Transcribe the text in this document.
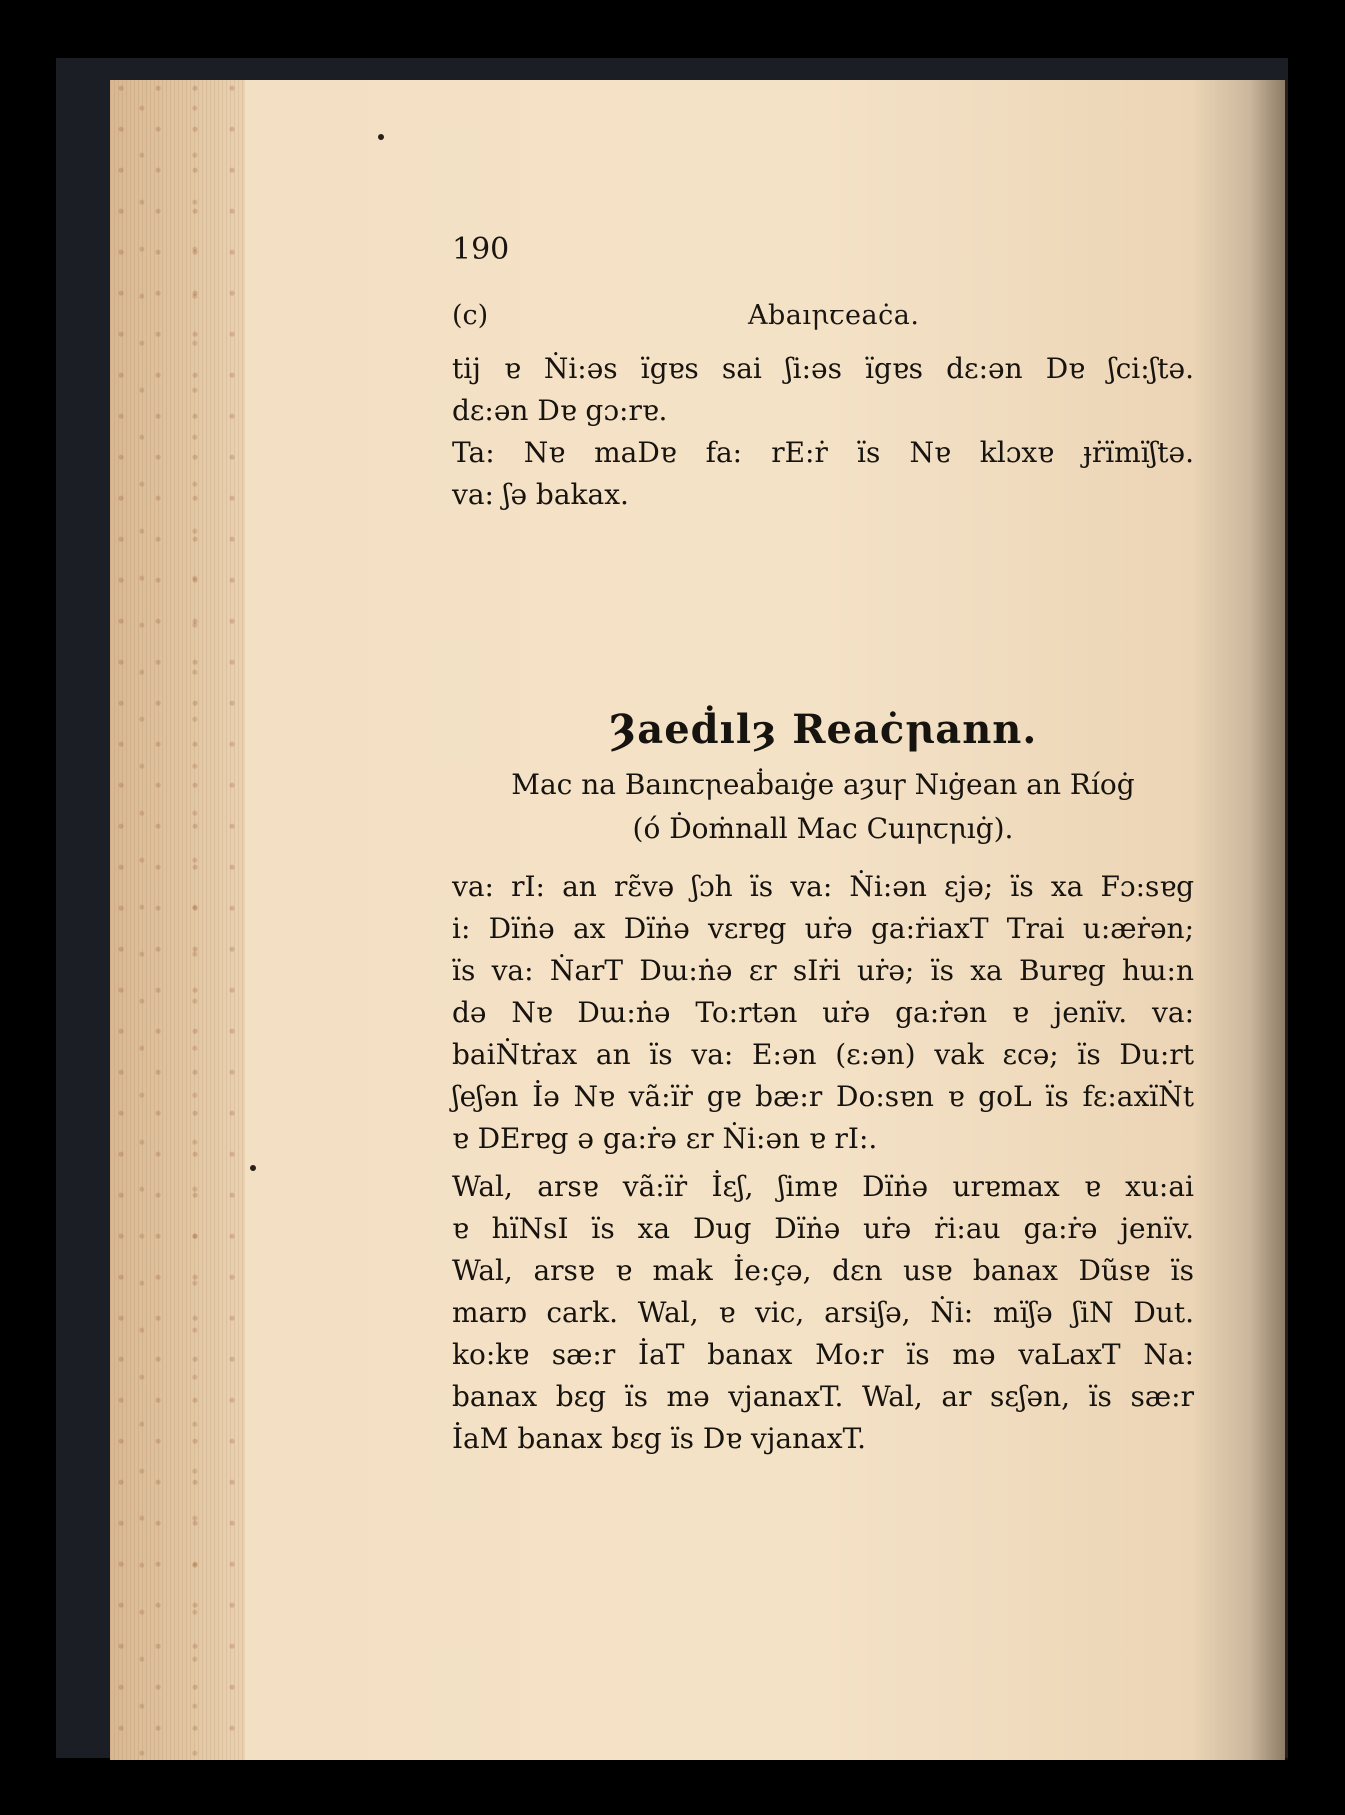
190
(c)	Abaıꞃꞇeaċa.
tij ɐ Ṅi:əs ïgɐs sai ʃi:əs ïgɐs dɛ:ən Dɐ ʃci:ʃtə.
dɛ:ən Dɐ gɔ:rɐ.
Ta: Nɐ maDɐ fa: rE:ṙ ïs Nɐ klɔxɐ ɟṙïmïʃtə.
va: ʃə bakax.
Ȝaeḋılȝ Reaċꞃann.
Mac na Baınꞇꞃeaḃaıġe aȝuꞅ Nıġean an Ríoġ
(ó Ḋoṁnall Mac Cuıꞃꞇꞃıġ).
va: rI: an rɛ̃və ʃɔh ïs va: Ṅi:ən ɛjə; ïs xa Fɔ:sɐg
i: Dïṅə ax Dïṅə vɛrɐg uṙə ga:ṙiaxT Trai u:æṙən;
ïs va: ṄarT Dɯ:ṅə ɛr sIṙi uṙə; ïs xa Burɐg hɯ:n
də Nɐ Dɯ:ṅə To:rtən uṙə ga:ṙən ɐ jenïv. va:
baiṄtṙax an ïs va: E:ən (ɛ:ən) vak ɛcə; ïs Du:rt
ʃeʃən İə Nɐ vã:ïṙ gɐ bæ:r Do:sɐn ɐ goL ïs fɛ:axïṄt
ɐ DErɐg ə ga:ṙə ɛr Ṅi:ən ɐ rI:.
Wal, arsɐ vã:ïṙ İɛʃ, ʃimɐ Dïṅə urɐmax ɐ xu:ai
ɐ hïNsI ïs xa Dug Dïṅə uṙə ṙi:au ga:ṙə jenïv.
Wal, arsɐ ɐ mak İe:çə, dɛn usɐ banax Dũsɐ ïs
marɒ cark. Wal, ɐ vic, arsiʃə, Ṅi: mïʃə ʃiN Dut.
ko:kɐ sæ:r İaT banax Mo:r ïs mə vaLaxT Na:
banax bɛg ïs mə vjanaxT. Wal, ar sɛʃən, ïs sæ:r
İaM banax bɛg ïs Dɐ vjanaxT.
